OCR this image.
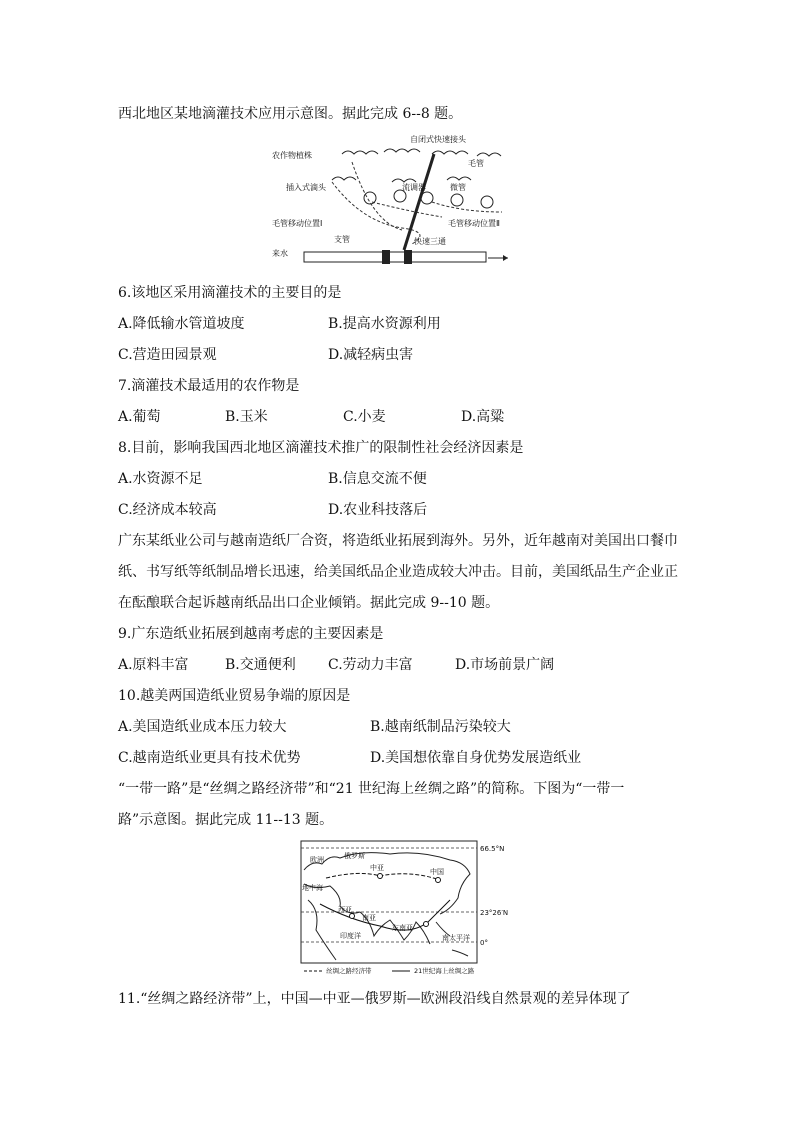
西北地区某地滴灌技术应用示意图。据此完成 6--8 题。
自闭式快速接头
农作物植株
毛管
插入式滴头	流调器	微管
毛管移动位置Ⅰ	毛管移动位置Ⅱ
来水
支管	快速三通
6.该地区采用滴灌技术的主要目的是
A.降低输水管道坡度	B.提高水资源利用
C.营造田园景观	D.减轻病虫害
7.滴灌技术最适用的农作物是
A.葡萄	B.玉米	C.小麦	D.高粱
8.目前，影响我国西北地区滴灌技术推广的限制性社会经济因素是
A.水资源不足	B.信息交流不便
C.经济成本较高	D.农业科技落后
广东某纸业公司与越南造纸厂合资，将造纸业拓展到海外。另外，近年越南对美国出口餐巾
纸、书写纸等纸制品增长迅速，给美国纸品企业造成较大冲击。目前，美国纸品生产企业正
在酝酿联合起诉越南纸品出口企业倾销。据此完成 9--10 题。
9.广东造纸业拓展到越南考虑的主要因素是
A.原料丰富	B.交通便利 C.劳动力丰富	D.市场前景广阔
10.越美两国造纸业贸易争端的原因是
A.美国造纸业成本压力较大	B.越南纸制品污染较大
C.越南造纸业更具有技术优势	D.美国想依靠自身优势发展造纸业
“一带一路”是“丝绸之路经济带”和“21 世纪海上丝绸之路”的简称。下图为“一带一
路”示意图。据此完成 11--13 题。
欧洲	俄罗斯
中亚	中国
地中海
西亚
南亚
东南亚
印度洋	南太平洋
66.5°N
23°26′N
0°
丝绸之路经济带	21世纪海上丝绸之路
11.“丝绸之路经济带”上，中国—中亚—俄罗斯—欧洲段沿线自然景观的差异体现了
